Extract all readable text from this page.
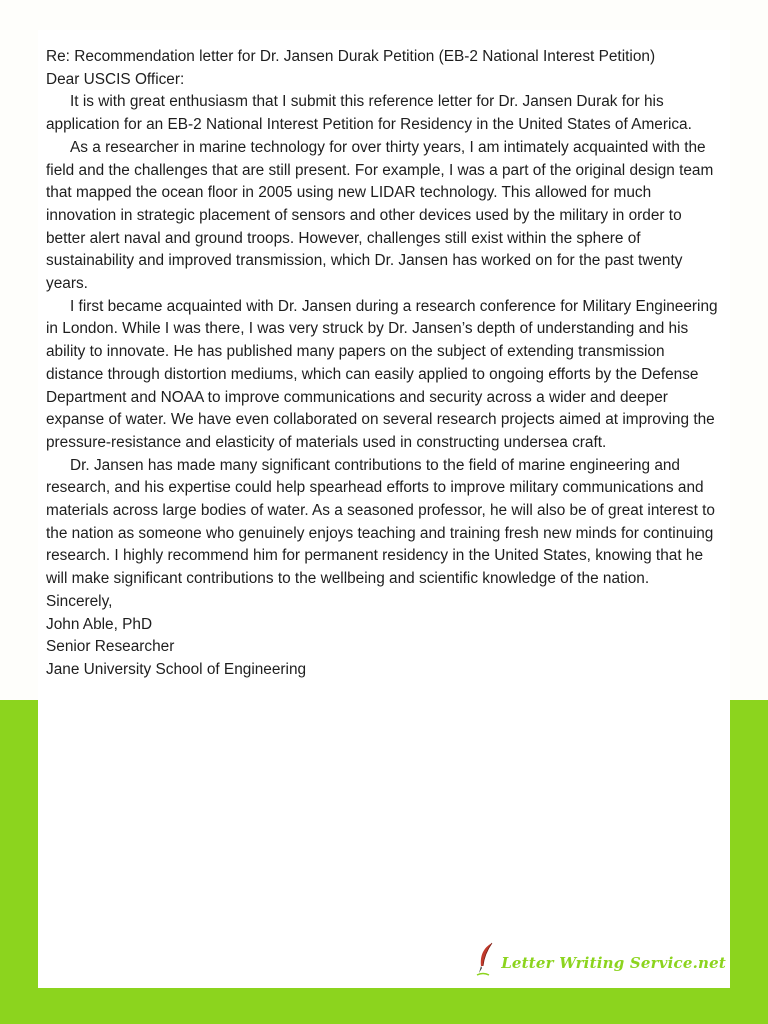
Re: Recommendation letter for Dr. Jansen Durak Petition (EB-2 National Interest Petition)

Dear USCIS Officer:

It is with great enthusiasm that I submit this reference letter for Dr. Jansen Durak for his application for an EB-2 National Interest Petition for Residency in the United States of America.

As a researcher in marine technology for over thirty years, I am intimately acquainted with the field and the challenges that are still present. For example, I was a part of the original design team that mapped the ocean floor in 2005 using new LIDAR technology. This allowed for much innovation in strategic placement of sensors and other devices used by the military in order to better alert naval and ground troops. However, challenges still exist within the sphere of sustainability and improved transmission, which Dr. Jansen has worked on for the past twenty years.

I first became acquainted with Dr. Jansen during a research conference for Military Engineering in London. While I was there, I was very struck by Dr. Jansen’s depth of understanding and his ability to innovate. He has published many papers on the subject of extending transmission distance through distortion mediums, which can easily applied to ongoing efforts by the Defense Department and NOAA to improve communications and security across a wider and deeper expanse of water. We have even collaborated on several research projects aimed at improving the pressure-resistance and elasticity of materials used in constructing undersea craft.

Dr. Jansen has made many significant contributions to the field of marine engineering and research, and his expertise could help spearhead efforts to improve military communications and materials across large bodies of water. As a seasoned professor, he will also be of great interest to the nation as someone who genuinely enjoys teaching and training fresh new minds for continuing research. I highly recommend him for permanent residency in the United States, knowing that he will make significant contributions to the wellbeing and scientific knowledge of the nation.

Sincerely,

John Able, PhD

Senior Researcher

Jane University School of Engineering

Letter Writing Service.net
